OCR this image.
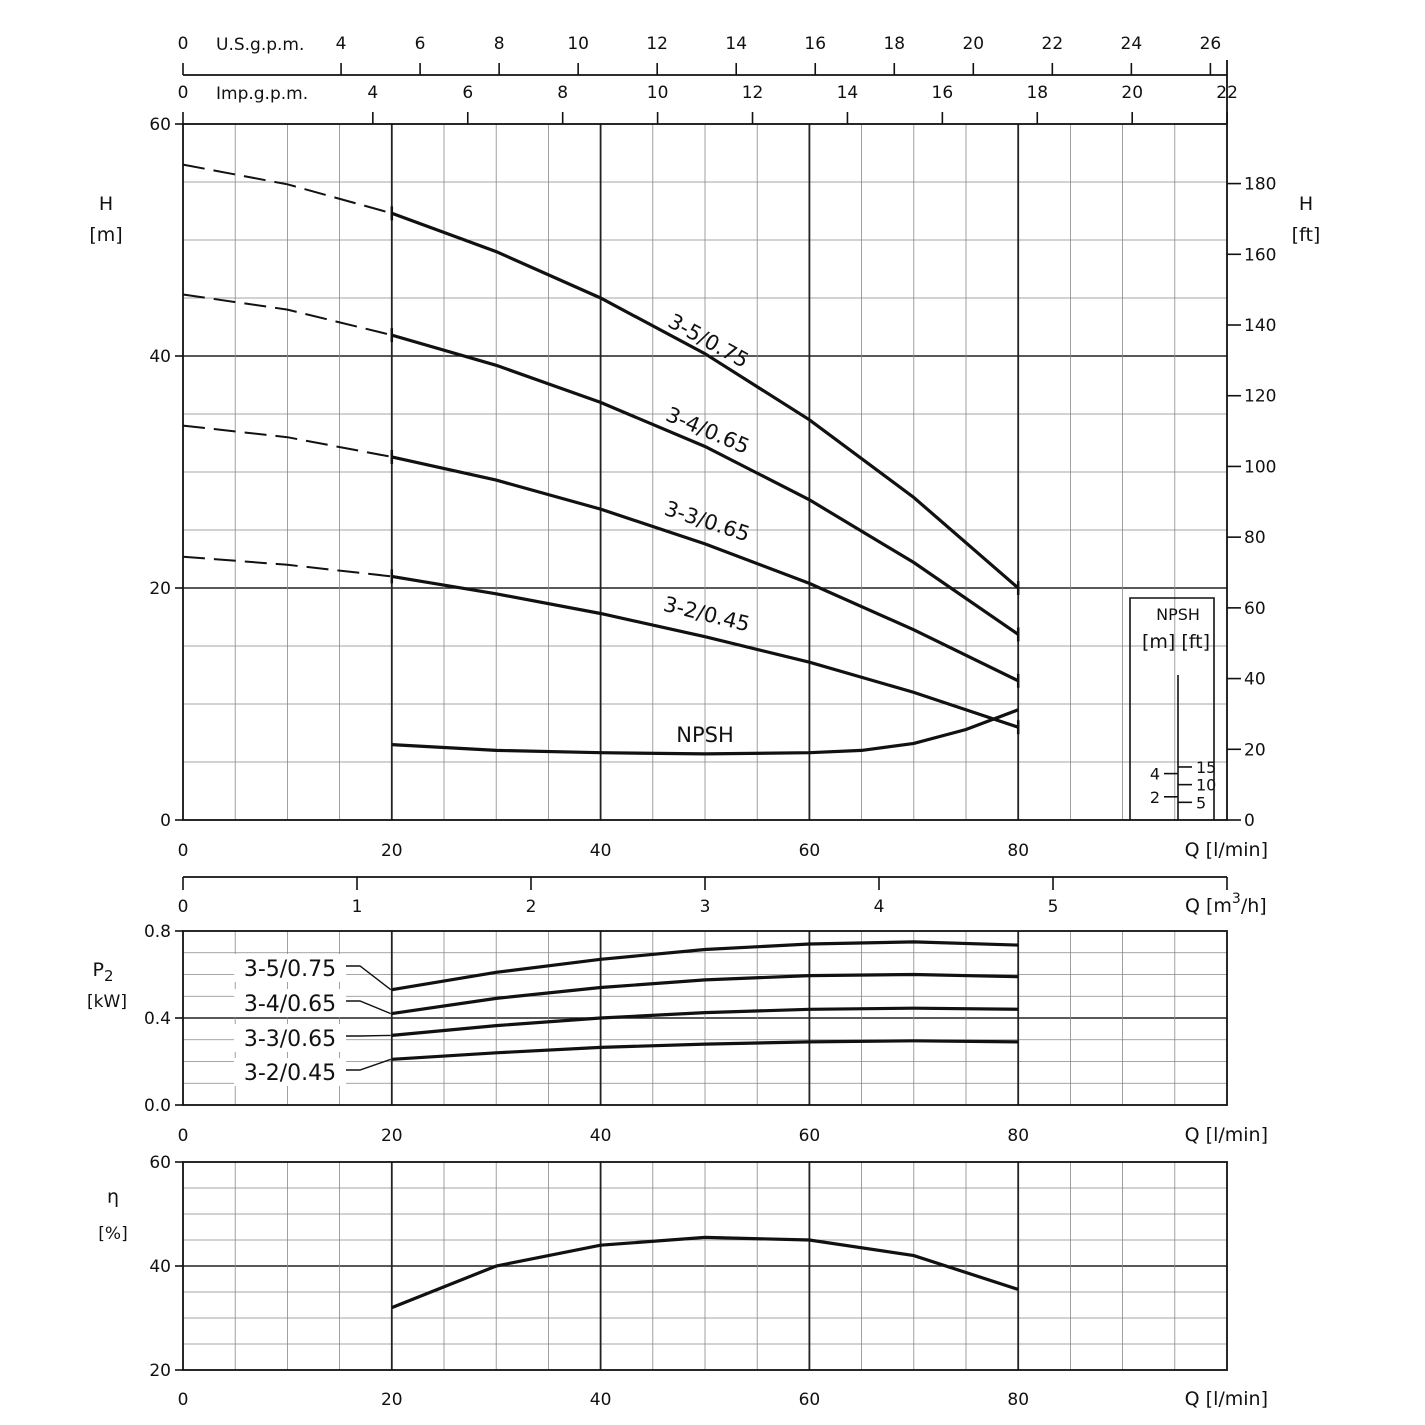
0	4	6	8	10	12	14	16	18	20	22	24	26
U.S.g.p.m.
0	4	6	8	10	12	14	16	18	20	22
Imp.g.p.m.
0
20
40
60
H
[m]
0
20
40
60
80
100
120
140
160
180
H
[ft]
0	20	40	60	80	Q [l/min]
3-5/0.75
3-4/0.65
3-3/0.65
3-2/0.45
NPSH
NPSH
[m] [ft]
2
4
5
10
15
0	1	2	3	4	5	Q $[m^3/h]$
0.0
0.4
0.8
$P_2$
[kW]
0	20	40	60	80	Q [l/min]
3-5/0.75
3-4/0.65
3-3/0.65
3-2/0.45
20
40
60
η
[%]
0	20	40	60	80	Q [l/min]
